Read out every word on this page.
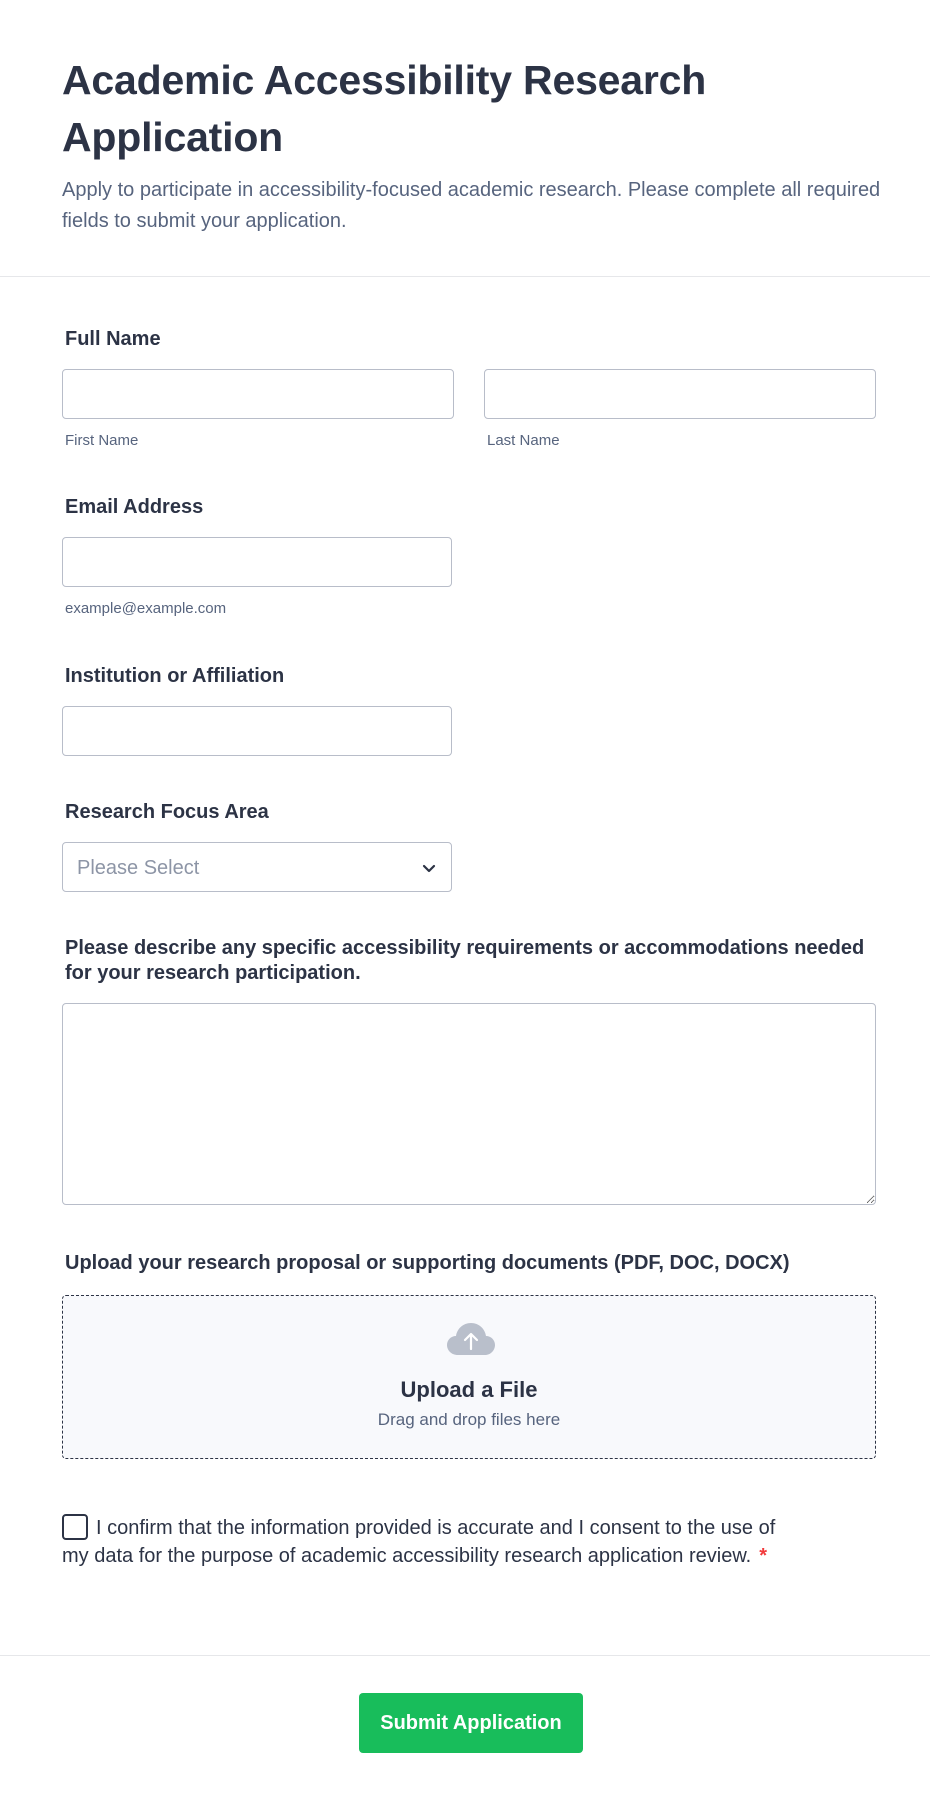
Academic Accessibility Research Application

Apply to participate in accessibility-focused academic research. Please complete all required fields to submit your application.

Full Name
First Name	Last Name
Email Address
example@example.com
Institution or Affiliation
Research Focus Area
Please Select
Please describe any specific accessibility requirements or accommodations needed for your research participation.
Upload your research proposal or supporting documents (PDF, DOC, DOCX)
Upload a File
Drag and drop files here
I confirm that the information provided is accurate and I consent to the use of my data for the purpose of academic accessibility research application review. *
Submit Application
